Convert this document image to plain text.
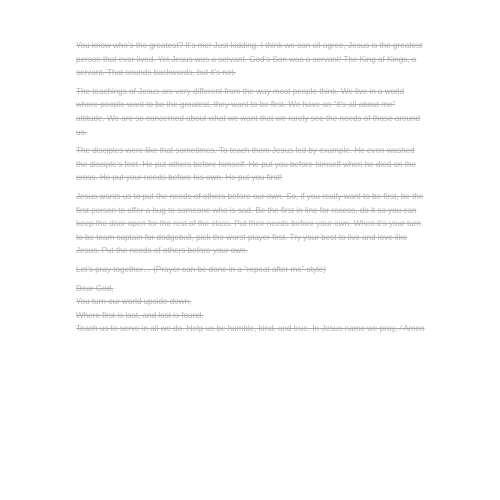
You know who’s the greatest? It’s me! Just kidding. I think we can all agree, Jesus is the greatest person that ever lived. Yet Jesus was a servant. God’s Son was a servant! The King of Kings, a servant. That sounds backwards, but it’s not.

The teachings of Jesus are very different from the way most people think. We live in a world where people want to be the greatest, they want to be first. We have an “it’s all about me” attitude. We are so concerned about what we want that we rarely see the needs of those around us.

The disciples were like that sometimes. To teach them Jesus led by example. He even washed the disciple’s feet. He put others before himself. He put you before himself when he died on the cross. He put your needs before his own. He put you first!

Jesus wants us to put the needs of others before our own. So, if you really want to be first, be the first person to offer a hug to someone who is sad. Be the first in line for recess, do it so you can keep the door open for the rest of the class. Put their needs before your own. When it’s your turn to be team captain for dodgeball, pick the worst player first. Try your best to live and love like Jesus. Put the needs of others before your own.

Let’s pray together… (Prayer can be done in a “repeat after me” style)

Dear God,

You turn our world upside down,

Where first is last, and lost is found.

Teach us to serve in all we do. Help us be humble, kind, and true, In Jesus name we pray, / Amen
